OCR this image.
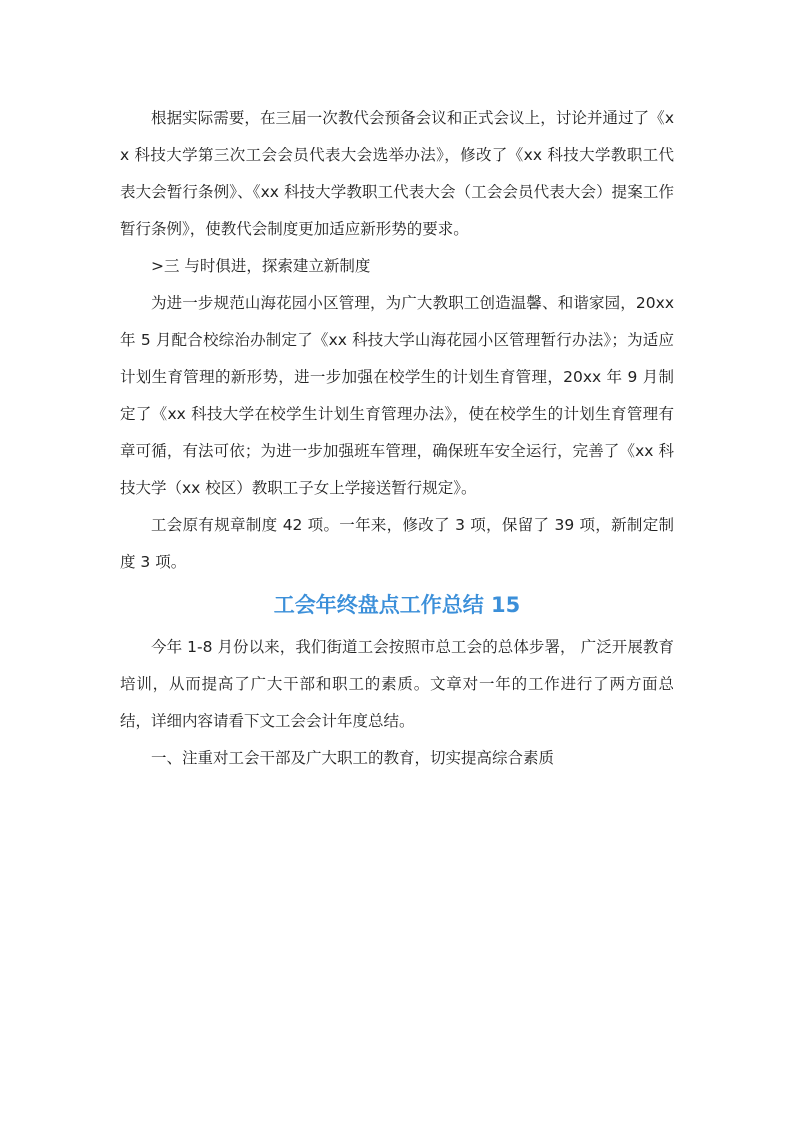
根据实际需要，在三届一次教代会预备会议和正式会议上，讨论并通过了《xx 科技大学第三次工会会员代表大会选举办法》，修改了《xx 科技大学教职工代表大会暂行条例》、《xx 科技大学教职工代表大会（工会会员代表大会）提案工作暂行条例》，使教代会制度更加适应新形势的要求。

>三 与时俱进，探索建立新制度

为进一步规范山海花园小区管理，为广大教职工创造温馨、和谐家园，20xx 年 5 月配合校综治办制定了《xx 科技大学山海花园小区管理暂行办法》；为适应计划生育管理的新形势，进一步加强在校学生的计划生育管理，20xx 年 9 月制定了《xx 科技大学在校学生计划生育管理办法》，使在校学生的计划生育管理有章可循，有法可依；为进一步加强班车管理，确保班车安全运行，完善了《xx 科技大学（xx 校区）教职工子女上学接送暂行规定》。

工会原有规章制度 42 项。一年来，修改了 3 项，保留了 39 项，新制定制度 3 项。

工会年终盘点工作总结 15

今年 1-8 月份以来，我们街道工会按照市总工会的总体步署， 广泛开展教育培训，从而提高了广大干部和职工的素质。文章对一年的工作进行了两方面总结，详细内容请看下文工会会计年度总结。

一、注重对工会干部及广大职工的教育，切实提高综合素质
